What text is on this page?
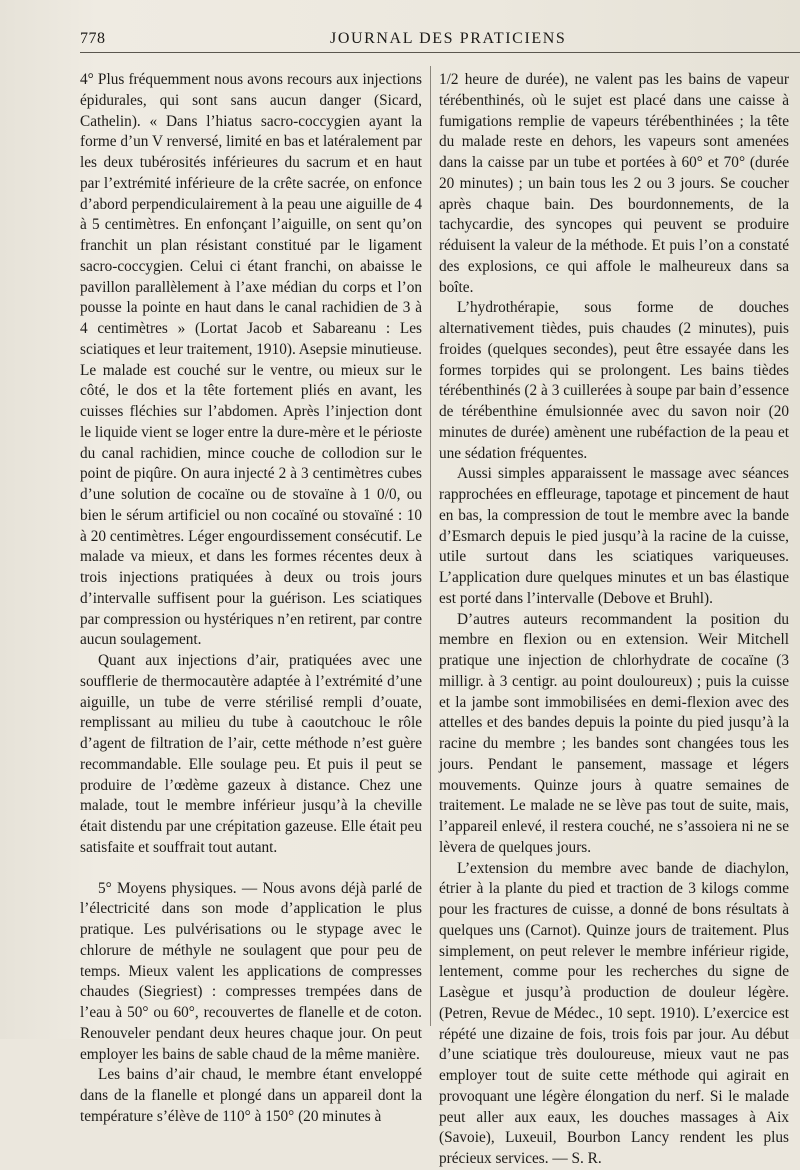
778	JOURNAL DES PRATICIENS

4° Plus fréquemment nous avons recours aux injections épidurales, qui sont sans aucun danger (Sicard, Cathelin). « Dans l’hiatus sacro-coccygien ayant la forme d’un V renversé, limité en bas et latéralement par les deux tubérosités inférieures du sacrum et en haut par l’extrémité inférieure de la crête sacrée, on enfonce d’abord perpendiculairement à la peau une aiguille de 4 à 5 centimètres. En enfonçant l’aiguille, on sent qu’on franchit un plan résistant constitué par le ligament sacro-coccygien. Celui ci étant franchi, on abaisse le pavillon parallèlement à l’axe médian du corps et l’on pousse la pointe en haut dans le canal rachidien de 3 à 4 centimètres » (Lortat Jacob et Sabareanu : Les sciatiques et leur traitement, 1910). Asepsie minutieuse. Le malade est couché sur le ventre, ou mieux sur le côté, le dos et la tête fortement pliés en avant, les cuisses fléchies sur l’abdomen. Après l’injection dont le liquide vient se loger entre la dure-mère et le périoste du canal rachidien, mince couche de collodion sur le point de piqûre. On aura injecté 2 à 3 centimètres cubes d’une solution de cocaïne ou de stovaïne à 1 0/0, ou bien le sérum artificiel ou non cocaïné ou stovaïné : 10 à 20 centimètres. Léger engourdissement consécutif. Le malade va mieux, et dans les formes récentes deux à trois injections pratiquées à deux ou trois jours d’intervalle suffisent pour la guérison. Les sciatiques par compression ou hystériques n’en retirent, par contre aucun soulagement.

Quant aux injections d’air, pratiquées avec une soufflerie de thermocautère adaptée à l’extrémité d’une aiguille, un tube de verre stérilisé rempli d’ouate, remplissant au milieu du tube à caoutchouc le rôle d’agent de filtration de l’air, cette méthode n’est guère recommandable. Elle soulage peu. Et puis il peut se produire de l’œdème gazeux à distance. Chez une malade, tout le membre inférieur jusqu’à la cheville était distendu par une crépitation gazeuse. Elle était peu satisfaite et souffrait tout autant.

5° Moyens physiques. — Nous avons déjà parlé de l’électricité dans son mode d’application le plus pratique. Les pulvérisations ou le stypage avec le chlorure de méthyle ne soulagent que pour peu de temps. Mieux valent les applications de compresses chaudes (Siegriest) : compresses trempées dans de l’eau à 50° ou 60°, recouvertes de flanelle et de coton. Renouveler pendant deux heures chaque jour. On peut employer les bains de sable chaud de la même manière.

Les bains d’air chaud, le membre étant enveloppé dans de la flanelle et plongé dans un appareil dont la température s’élève de 110° à 150° (20 minutes à

1/2 heure de durée), ne valent pas les bains de vapeur térébenthinés, où le sujet est placé dans une caisse à fumigations remplie de vapeurs térébenthinées ; la tête du malade reste en dehors, les vapeurs sont amenées dans la caisse par un tube et portées à 60° et 70° (durée 20 minutes) ; un bain tous les 2 ou 3 jours. Se coucher après chaque bain. Des bourdonnements, de la tachycardie, des syncopes qui peuvent se produire réduisent la valeur de la méthode. Et puis l’on a constaté des explosions, ce qui affole le malheureux dans sa boîte.

L’hydrothérapie, sous forme de douches alternativement tièdes, puis chaudes (2 minutes), puis froides (quelques secondes), peut être essayée dans les formes torpides qui se prolongent. Les bains tièdes térébenthinés (2 à 3 cuillerées à soupe par bain d’essence de térébenthine émulsionnée avec du savon noir (20 minutes de durée) amènent une rubéfaction de la peau et une sédation fréquentes.

Aussi simples apparaissent le massage avec séances rapprochées en effleurage, tapotage et pincement de haut en bas, la compression de tout le membre avec la bande d’Esmarch depuis le pied jusqu’à la racine de la cuisse, utile surtout dans les sciatiques variqueuses. L’application dure quelques minutes et un bas élastique est porté dans l’intervalle (Debove et Bruhl).

D’autres auteurs recommandent la position du membre en flexion ou en extension. Weir Mitchell pratique une injection de chlorhydrate de cocaïne (3 milligr. à 3 centigr. au point douloureux) ; puis la cuisse et la jambe sont immobilisées en demi-flexion avec des attelles et des bandes depuis la pointe du pied jusqu’à la racine du membre ; les bandes sont changées tous les jours. Pendant le pansement, massage et légers mouvements. Quinze jours à quatre semaines de traitement. Le malade ne se lève pas tout de suite, mais, l’appareil enlevé, il restera couché, ne s’assoiera ni ne se lèvera de quelques jours.

L’extension du membre avec bande de diachylon, étrier à la plante du pied et traction de 3 kilogs comme pour les fractures de cuisse, a donné de bons résultats à quelques uns (Carnot). Quinze jours de traitement. Plus simplement, on peut relever le membre inférieur rigide, lentement, comme pour les recherches du signe de Lasègue et jusqu’à production de douleur légère. (Petren, Revue de Médec., 10 sept. 1910). L’exercice est répété une dizaine de fois, trois fois par jour. Au début d’une sciatique très douloureuse, mieux vaut ne pas employer tout de suite cette méthode qui agirait en provoquant une légère élongation du nerf. Si le malade peut aller aux eaux, les douches massages à Aix (Savoie), Luxeuil, Bourbon Lancy rendent les plus précieux services. — S. R.
